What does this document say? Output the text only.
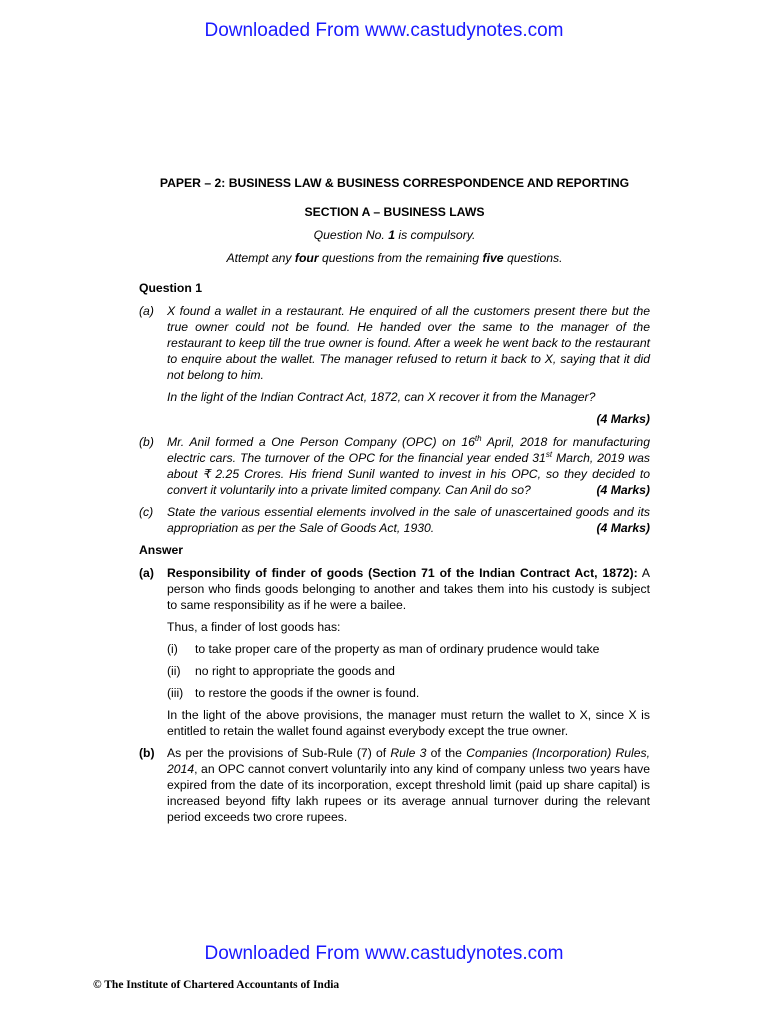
Downloaded From www.castudynotes.com
PAPER – 2: BUSINESS LAW & BUSINESS CORRESPONDENCE AND REPORTING
SECTION A – BUSINESS LAWS
Question No. 1 is compulsory.
Attempt any four questions from the remaining five questions.
Question 1
(a)	X found a wallet in a restaurant. He enquired of all the customers present there but the true owner could not be found. He handed over the same to the manager of the restaurant to keep till the true owner is found. After a week he went back to the restaurant to enquire about the wallet. The manager refused to return it back to X, saying that it did not belong to him.
In the light of the Indian Contract Act, 1872, can X recover it from the Manager?
(4 Marks)
(b)	Mr. Anil formed a One Person Company (OPC) on 16th April, 2018 for manufacturing electric cars. The turnover of the OPC for the financial year ended 31st March, 2019 was about ₹ 2.25 Crores. His friend Sunil wanted to invest in his OPC, so they decided to convert it voluntarily into a private limited company. Can Anil do so?	(4 Marks)
(c)	State the various essential elements involved in the sale of unascertained goods and its appropriation as per the Sale of Goods Act, 1930.	(4 Marks)
Answer
(a)	Responsibility of finder of goods (Section 71 of the Indian Contract Act, 1872): A person who finds goods belonging to another and takes them into his custody is subject to same responsibility as if he were a bailee.
Thus, a finder of lost goods has:
(i)	to take proper care of the property as man of ordinary prudence would take
(ii)	no right to appropriate the goods and
(iii) to restore the goods if the owner is found.
In the light of the above provisions, the manager must return the wallet to X, since X is entitled to retain the wallet found against everybody except the true owner.
(b)	As per the provisions of Sub-Rule (7) of Rule 3 of the Companies (Incorporation) Rules, 2014, an OPC cannot convert voluntarily into any kind of company unless two years have expired from the date of its incorporation, except threshold limit (paid up share capital) is increased beyond fifty lakh rupees or its average annual turnover during the relevant period exceeds two crore rupees.
Downloaded From www.castudynotes.com
© The Institute of Chartered Accountants of India
